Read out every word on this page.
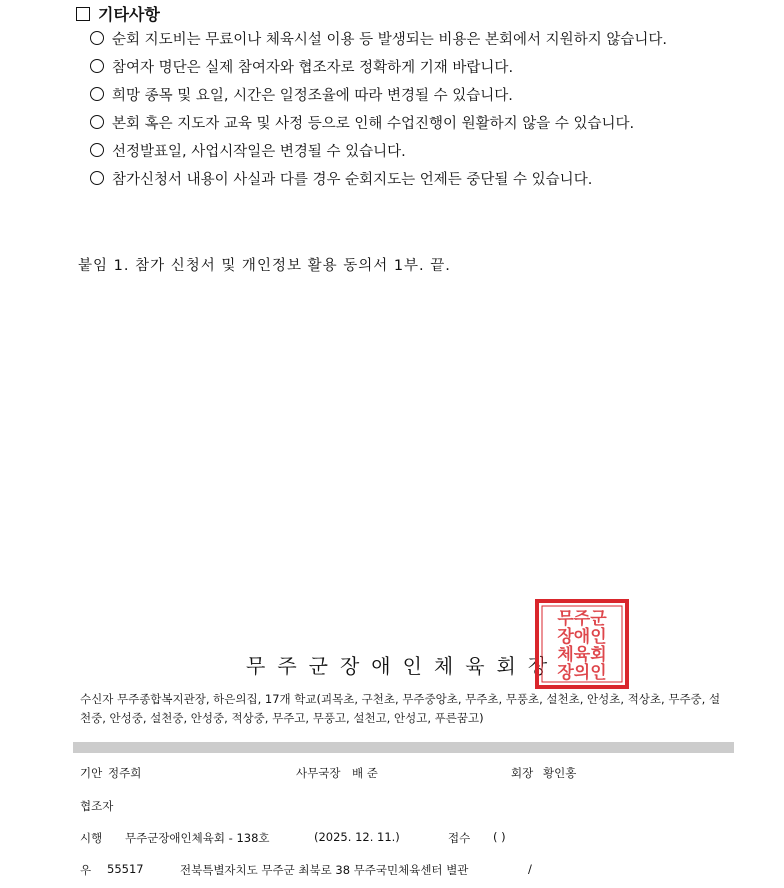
기타사항
순회 지도비는 무료이나 체육시설 이용 등 발생되는 비용은 본회에서 지원하지 않습니다.
참여자 명단은 실제 참여자와 협조자로 정확하게 기재 바랍니다.
희망 종목 및 요일, 시간은 일정조율에 따라 변경될 수 있습니다.
본회 혹은 지도자 교육 및 사정 등으로 인해 수업진행이 원활하지 않을 수 있습니다.
선정발표일, 사업시작일은 변경될 수 있습니다.
참가신청서 내용이 사실과 다를 경우 순회지도는 언제든 중단될 수 있습니다.
붙임 1. 참가 신청서 및 개인정보 활용 동의서 1부. 끝.
무주군장애인체육회장
무주군
장애인
체육회
장의인
수신자 무주종합복지관장, 하은의집, 17개 학교(괴목초, 구천초, 무주중앙초, 무주초, 무풍초, 설천초, 안성초, 적상초, 무주중, 설천중, 안성중, 설천중, 안성중, 적상중, 무주고, 무풍고, 설천고, 안성고, 푸른꿈고)
기안 정주희	사무국장 배 준	회장 황인홍
협조자
시행 무주군장애인체육회 - 138호	(2025. 12. 11.)	접수 ( )
우 55517	전북특별자치도 무주군 최북로 38 무주국민체육센터 별관	/
